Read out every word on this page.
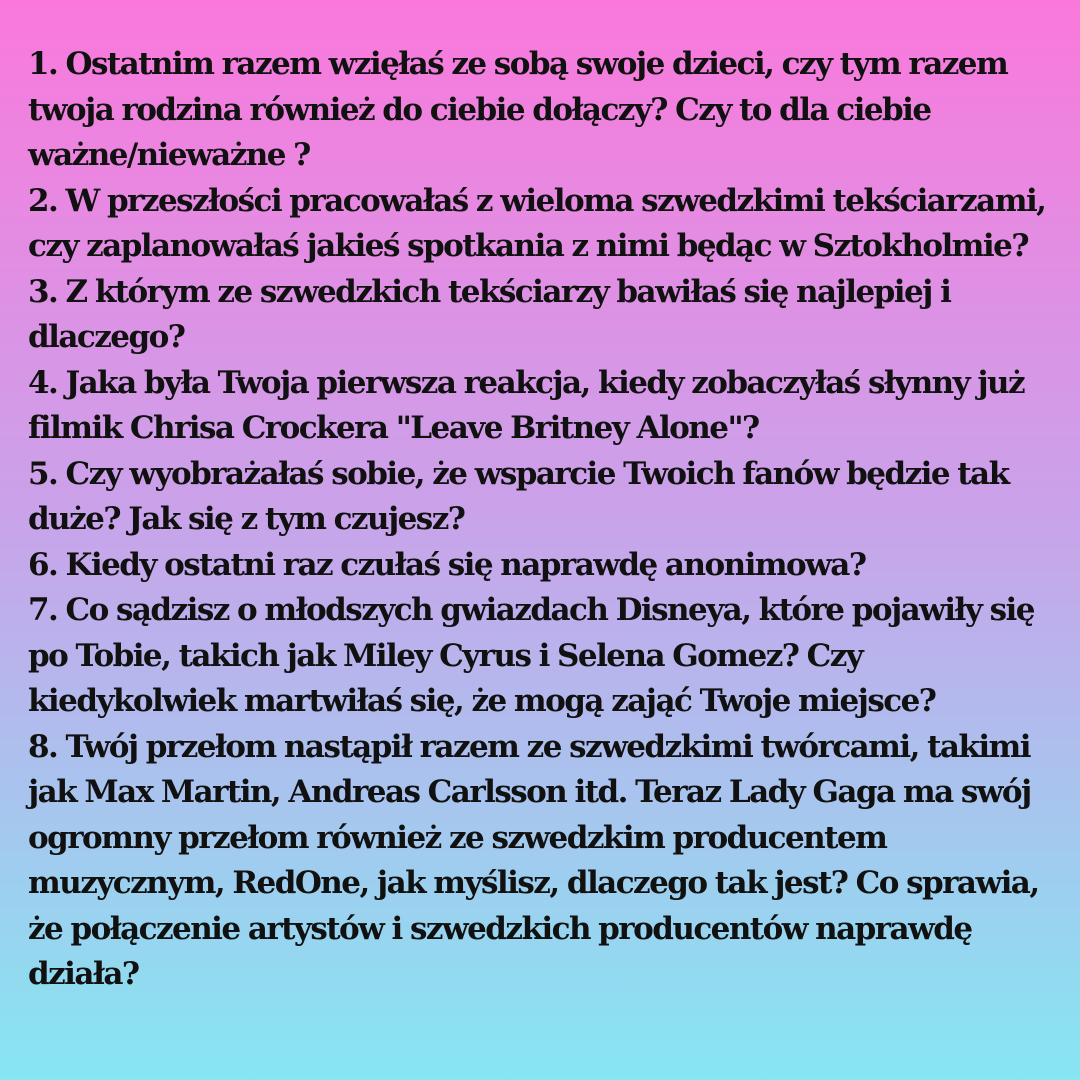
1. Ostatnim razem wzięłaś ze sobą swoje dzieci, czy tym razem twoja rodzina również do ciebie dołączy? Czy to dla ciebie ważne/nieważne ?
2. W przeszłości pracowałaś z wieloma szwedzkimi tekściarzami, czy zaplanowałaś jakieś spotkania z nimi będąc w Sztokholmie?
3. Z którym ze szwedzkich tekściarzy bawiłaś się najlepiej i dlaczego?
4. Jaka była Twoja pierwsza reakcja, kiedy zobaczyłaś słynny już filmik Chrisa Crockera "Leave Britney Alone"?
5. Czy wyobrażałaś sobie, że wsparcie Twoich fanów będzie tak duże? Jak się z tym czujesz?
6. Kiedy ostatni raz czułaś się naprawdę anonimowa?
7. Co sądzisz o młodszych gwiazdach Disneya, które pojawiły się po Tobie, takich jak Miley Cyrus i Selena Gomez? Czy kiedykolwiek martwiłaś się, że mogą zająć Twoje miejsce?
8. Twój przełom nastąpił razem ze szwedzkimi twórcami, takimi jak Max Martin, Andreas Carlsson itd. Teraz Lady Gaga ma swój ogromny przełom również ze szwedzkim producentem muzycznym, RedOne, jak myślisz, dlaczego tak jest? Co sprawia, że połączenie artystów i szwedzkich producentów naprawdę działa?
